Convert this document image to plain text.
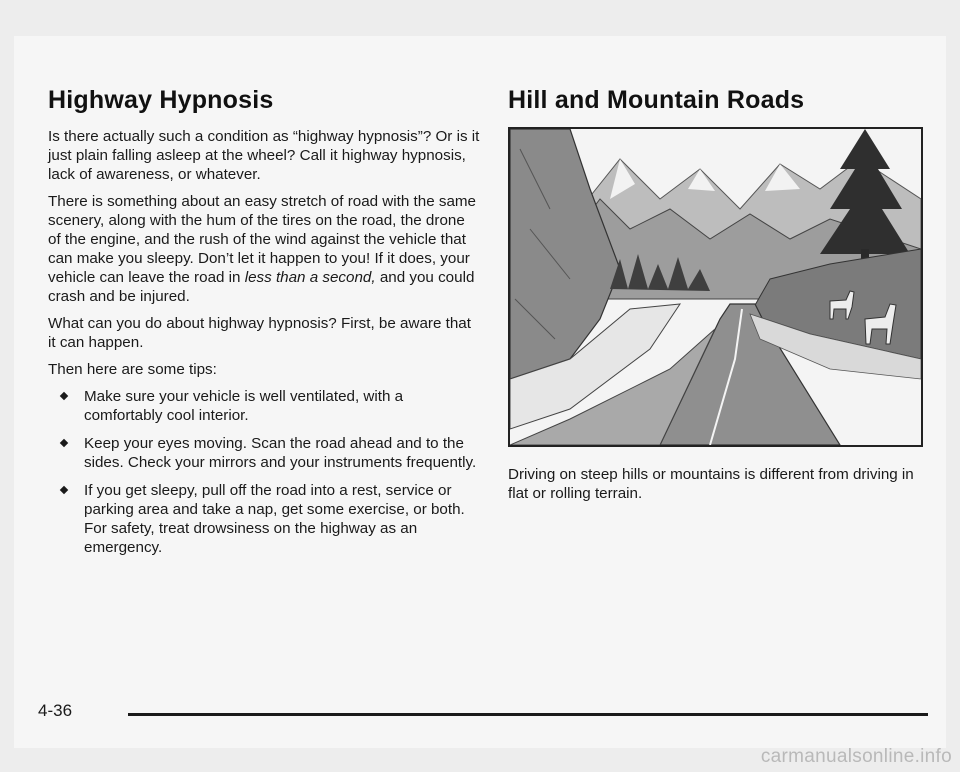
Highway Hypnosis

Is there actually such a condition as “highway hypnosis”? Or is it just plain falling asleep at the wheel? Call it highway hypnosis, lack of awareness, or whatever.

There is something about an easy stretch of road with the same scenery, along with the hum of the tires on the road, the drone of the engine, and the rush of the wind against the vehicle that can make you sleepy. Don’t let it happen to you! If it does, your vehicle can leave the road in less than a second, and you could crash and be injured.

What can you do about highway hypnosis? First, be aware that it can happen.

Then here are some tips:

Make sure your vehicle is well ventilated, with a comfortably cool interior.
Keep your eyes moving. Scan the road ahead and to the sides. Check your mirrors and your instruments frequently.
If you get sleepy, pull off the road into a rest, service or parking area and take a nap, get some exercise, or both. For safety, treat drowsiness on the highway as an emergency.
Hill and Mountain Roads

Driving on steep hills or mountains is different from driving in flat or rolling terrain.

4-36
carmanualsonline.info
